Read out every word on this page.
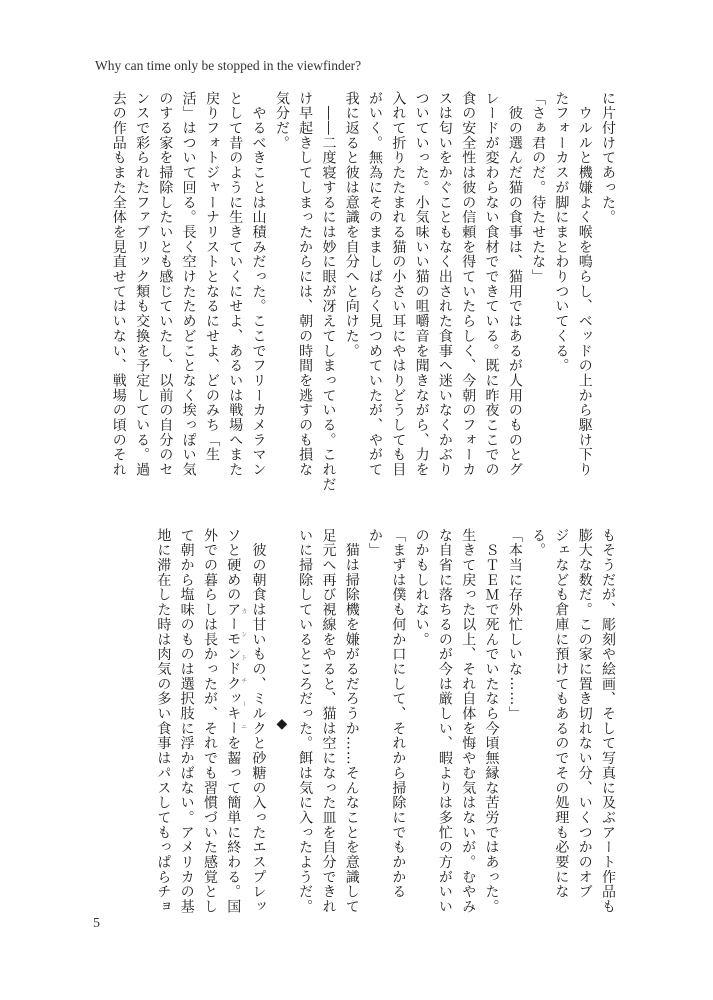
Why can time only be stopped in the viewfinder?
に片付けてあった。
　ウルルと機嫌よく喉を鳴らし、ベッドの上から駆け下り
たフォーカスが脚にまとわりついてくる。
「さぁ君のだ。待たせたな」
　彼の選んだ猫の食事は、猫用ではあるが人用のものとグ
レードが変わらない食材でできている。既に昨夜ここでの
食の安全性は彼の信頼を得ていたらしく、今朝のフォーカ
スは匂いをかぐこともなく出された食事へ迷いなくかぶり
ついていった。小気味いい猫の咀嚼音を聞きながら、力を
入れて折りたたまれる猫の小さい耳にやはりどうしても目
がいく。無為にそのまましばらく見つめていたが、やがて
我に返ると彼は意識を自分へと向けた。
　――二度寝するには妙に眼が冴えてしまっている。これだ
け早起きしてしまったからには、朝の時間を逃すのも損な
気分だ。
　やるべきことは山積みだった。ここでフリーカメラマン
として昔のように生きていくにせよ、あるいは戦場へまた
戻りフォトジャーナリストとなるにせよ、どのみち「生
活」はついて回る。長く空けたためどことなく埃っぽい気
のする家を掃除したいとも感じていたし、以前の自分のセ
ンスで彩られたファブリック類も交換を予定している。過
去の作品もまた全体を見直せてはいない、戦場の頃のそれ
もそうだが、彫刻や絵画、そして写真に及ぶアート作品も
膨大な数だ。この家に置き切れない分、いくつかのオブ
ジェなども倉庫に預けてもあるのでその処理も必要にな
る。
「本当に存外忙しいな……」
　ＳＴＥＭで死んでいたなら今頃無縁な苦労ではあった。
生きて戻った以上、それ自体を悔やむ気はないが。むやみ
な自省に落ちるのが今は厳しい、暇よりは多忙の方がいい
のかもしれない。
「まずは僕も何か口にして、それから掃除にでもかかる
か」
　猫は掃除機を嫌がるだろうか……そんなことを意識して
足元へ再び視線をやると、猫は空になった皿を自分できれ
いに掃除しているところだった。餌は気に入ったようだ。
◆
　彼の朝食は甘いもの、ミルクと砂糖の入ったエスプレッ
ソと硬めのアーモンドクッキーカントチーニを齧って簡単に終わる。国
外での暮らしは長かったが、それでも習慣づいた感覚とし
て朝から塩味のものは選択肢に浮かばない。アメリカの基
地に滞在した時は肉気の多い食事はパスしてもっぱらチョ
5
